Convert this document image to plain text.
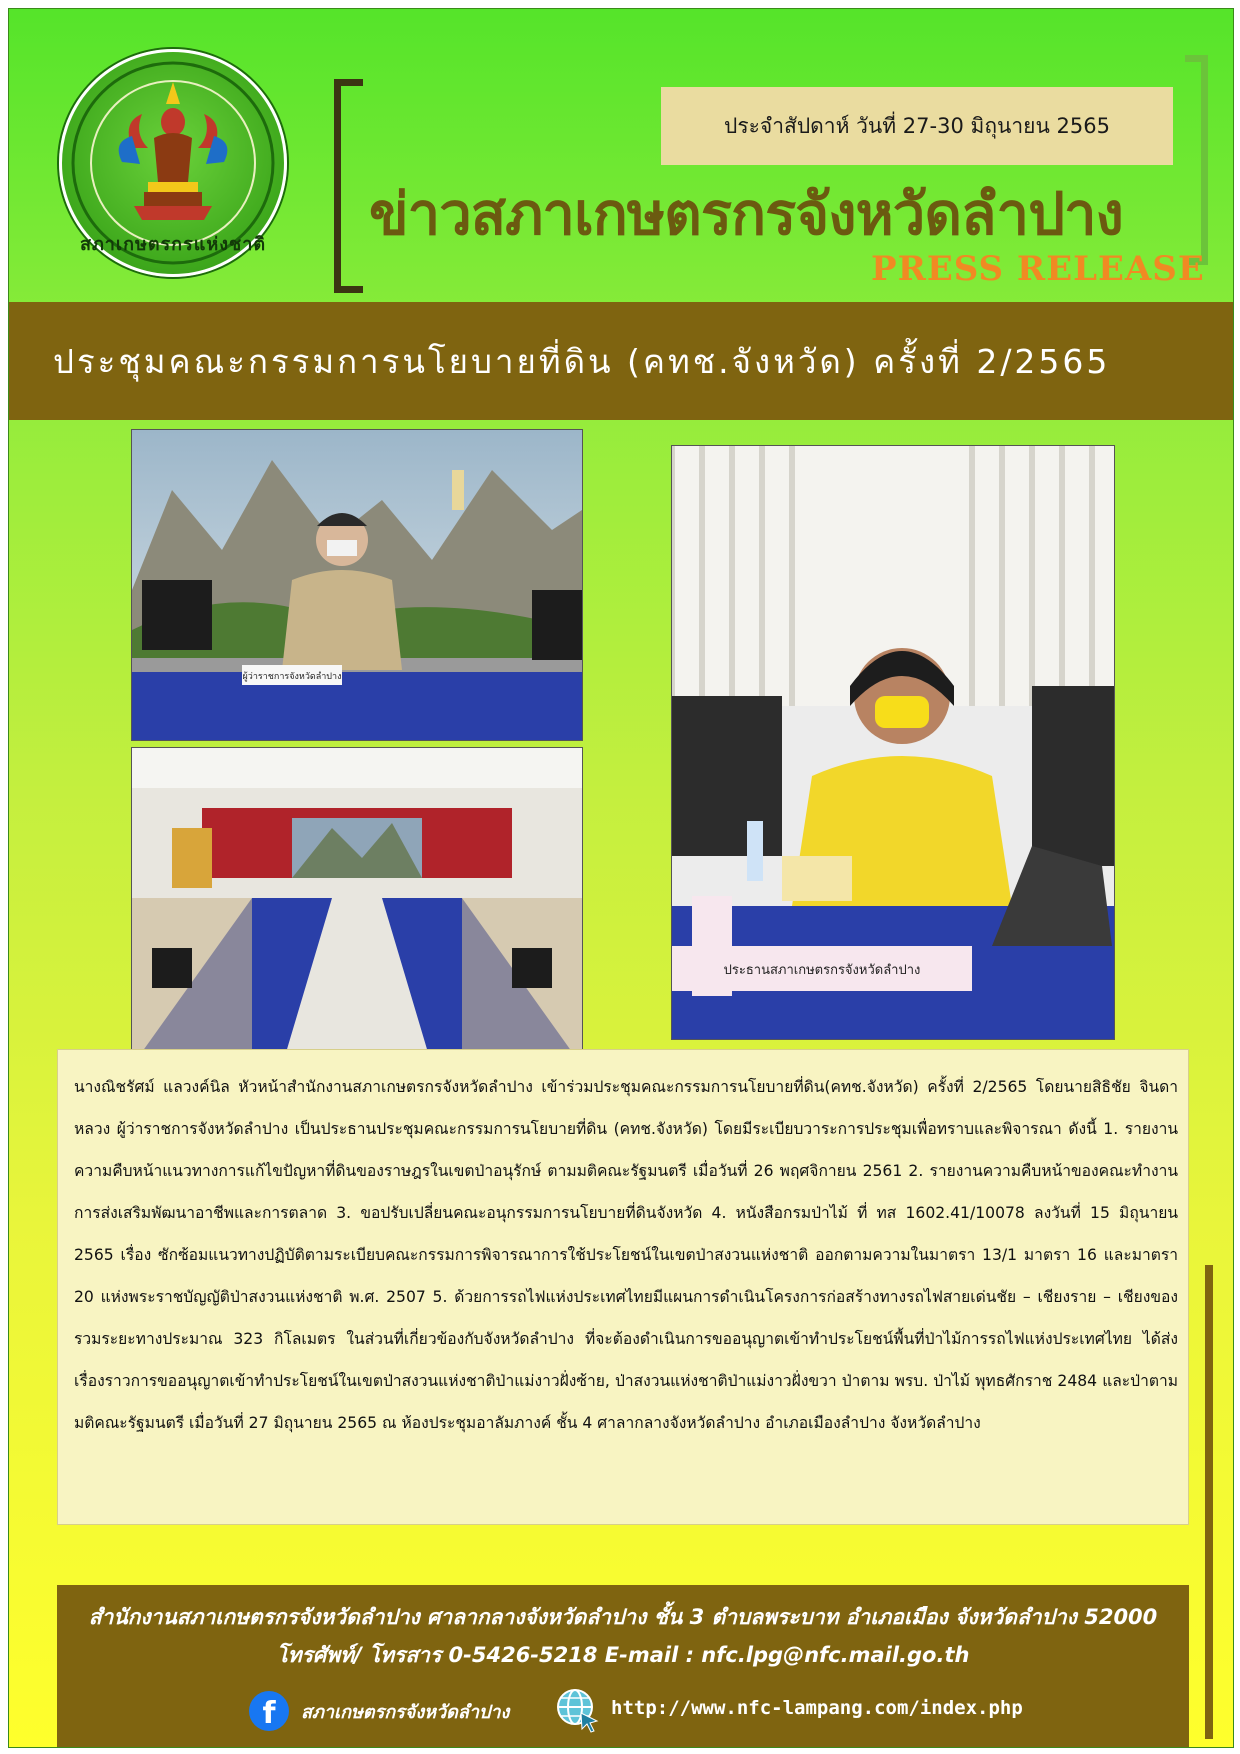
สภาเกษตรกรแห่งชาติ
ประจำสัปดาห์ วันที่ 27-30 มิถุนายน 2565
ข่าวสภาเกษตรกรจังหวัดลำปาง
PRESS RELEASE
ประชุมคณะกรรมการนโยบายที่ดิน (คทช.จังหวัด) ครั้งที่ 2/2565
ผู้ว่าราชการจังหวัดลำปาง
ประธานสภาเกษตรกรจังหวัดลำปาง
นางณิชรัศม์ แลวงค์นิล หัวหน้าสำนักงานสภาเกษตรกรจังหวัดลำปาง เข้าร่วมประชุมคณะกรรมการนโยบายที่ดิน(คทช.จังหวัด) ครั้งที่ 2/2565 โดยนายสิธิชัย จินดาหลวง ผู้ว่าราชการจังหวัดลำปาง เป็นประธานประชุมคณะกรรมการนโยบายที่ดิน (คทช.จังหวัด) โดยมีระเบียบวาระการประชุมเพื่อทราบและพิจารณา ดังนี้ 1. รายงานความคืบหน้าแนวทางการแก้ไขปัญหาที่ดินของราษฎรในเขตป่าอนุรักษ์ ตามมติคณะรัฐมนตรี เมื่อวันที่ 26 พฤศจิกายน 2561 2. รายงานความคืบหน้าของคณะทำงานการส่งเสริมพัฒนาอาชีพและการตลาด 3. ขอปรับเปลี่ยนคณะอนุกรรมการนโยบายที่ดินจังหวัด 4. หนังสือกรมป่าไม้ ที่ ทส 1602.41/10078 ลงวันที่ 15 มิถุนายน 2565 เรื่อง ซักซ้อมแนวทางปฏิบัติตามระเบียบคณะกรรมการพิจารณาการใช้ประโยชน์ในเขตป่าสงวนแห่งชาติ ออกตามความในมาตรา 13/1 มาตรา 16 และมาตรา 20 แห่งพระราชบัญญัติป่าสงวนแห่งชาติ พ.ศ. 2507 5. ด้วยการรถไฟแห่งประเทศไทยมีแผนการดำเนินโครงการก่อสร้างทางรถไฟสายเด่นชัย – เชียงราย – เชียงของ รวมระยะทางประมาณ 323 กิโลเมตร ในส่วนที่เกี่ยวข้องกับจังหวัดลำปาง ที่จะต้องดำเนินการขออนุญาตเข้าทำประโยชน์พื้นที่ป่าไม้การรถไฟแห่งประเทศไทย ได้ส่งเรื่องราวการขออนุญาตเข้าทำประโยชน์ในเขตป่าสงวนแห่งชาติป่าแม่งาวฝั่งซ้าย, ป่าสงวนแห่งชาติป่าแม่งาวฝั่งขวา ป่าตาม พรบ. ป่าไม้ พุทธศักราช 2484 และป่าตามมติคณะรัฐมนตรี เมื่อวันที่ 27 มิถุนายน 2565 ณ ห้องประชุมอาลัมภางค์ ชั้น 4 ศาลากลางจังหวัดลำปาง อำเภอเมืองลำปาง จังหวัดลำปาง
สำนักงานสภาเกษตรกรจังหวัดลำปาง ศาลากลางจังหวัดลำปาง ชั้น 3 ตำบลพระบาท อำเภอเมือง จังหวัดลำปาง 52000
โทรศัพท์/ โทรสาร 0-5426-5218 E-mail : nfc.lpg@nfc.mail.go.th
f	สภาเกษตรกรจังหวัดลำปาง	http://www.nfc-lampang.com/index.php
